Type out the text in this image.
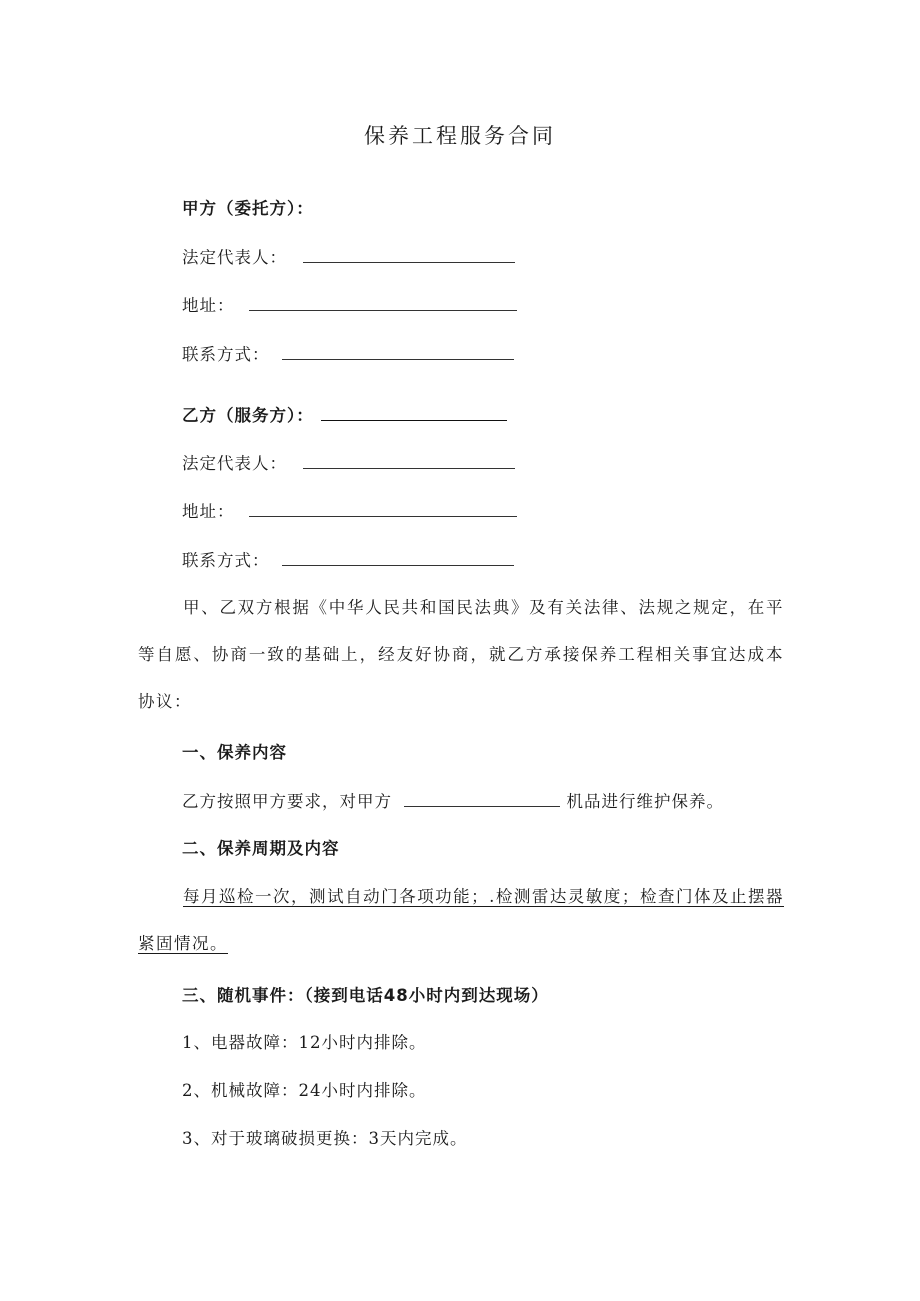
保养工程服务合同
甲方（委托方）：
法定代表人：
地址：
联系方式：
乙方（服务方）：
法定代表人：
地址：
联系方式：
甲、乙双方根据《中华人民共和国民法典》及有关法律、法规之规定，在平等自愿、协商一致的基础上，经友好协商，就乙方承接保养工程相关事宜达成本协议：
一、保养内容
乙方按照甲方要求，对甲方	机品进行维护保养。
二、保养周期及内容
每月巡检一次，测试自动门各项功能；.检测雷达灵敏度；检查门体及止摆器紧固情况。
三、随机事件：（接到电话48小时内到达现场）
1、电器故障：12小时内排除。
2、机械故障：24小时内排除。
3、对于玻璃破损更换：3天内完成。
